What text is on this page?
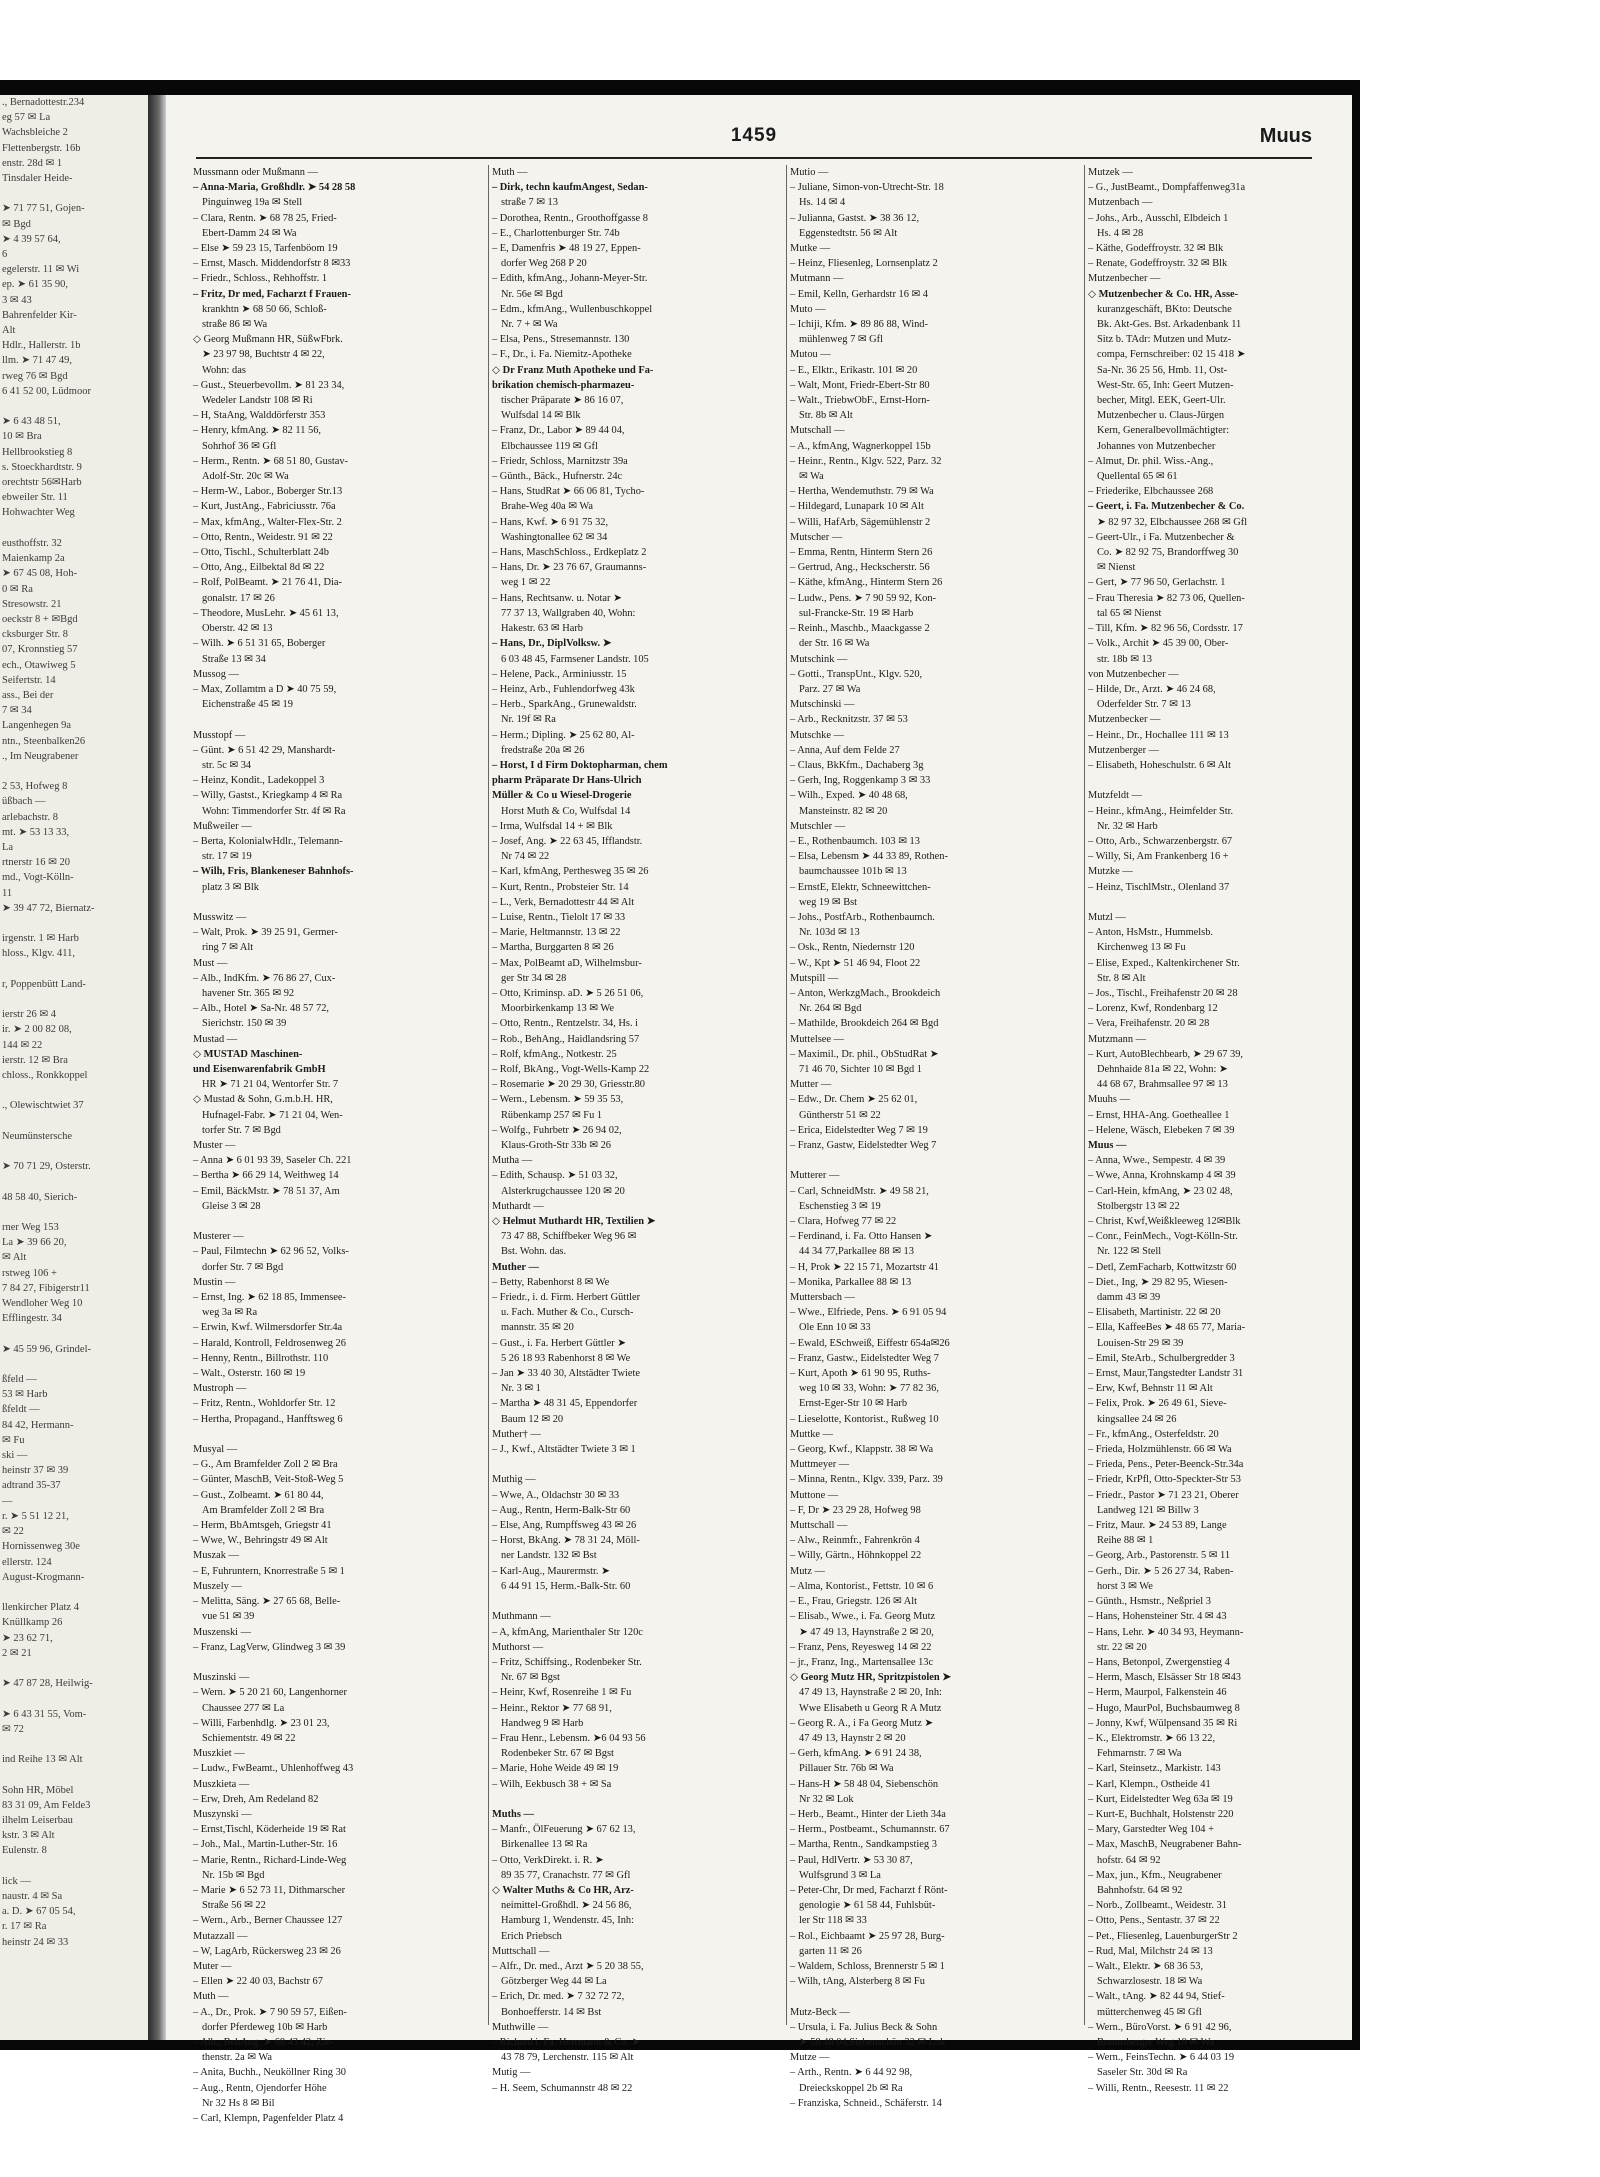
., Bernadottestr.234
eg 57 ✉ La
Wachsbleiche 2
Flettenbergstr. 16b
enstr. 28d ✉ 1
Tinsdaler Heide-

➤ 71 77 51, Gojen-
✉ Bgd
➤ 4 39 57 64,
6
egelerstr. 11 ✉ Wi
ep. ➤ 61 35 90,
3 ✉ 43
Bahrenfelder Kir-
Alt
Hdlr., Hallerstr. 1b
llm. ➤ 71 47 49,
rweg 76 ✉ Bgd
6 41 52 00, Lüdmoor

➤ 6 43 48 51,
10 ✉ Bra
Hellbrookstieg 8
s. Stoeckhardtstr. 9
orechtstr 56✉Harb
ebweiler Str. 11
Hohwachter Weg

eusthoffstr. 32
Maienkamp 2a
➤ 67 45 08, Hoh-
0 ✉ Ra
Stresowstr. 21
oeckstr 8 + ✉Bgd
cksburger Str. 8
07, Kronnstieg 57
ech., Otawiweg 5
Seifertstr. 14
ass., Bei der
7 ✉ 34
Langenhegen 9a
ntn., Steenbalken26
., Im Neugrabener

2 53, Hofweg 8
üßbach —
arlebachstr. 8
mt. ➤ 53 13 33,
La
rtnerstr 16 ✉ 20
md., Vogt-Kölln-
11
➤ 39 47 72, Biernatz-

irgenstr. 1 ✉ Harb
hloss., Klgv. 411,

r, Poppenbütt Land-

ierstr 26 ✉ 4
ir. ➤ 2 00 82 08,
144 ✉ 22
ierstr. 12 ✉ Bra
chloss., Ronkkoppel

., Olewischtwiet 37

Neumünstersche

➤ 70 71 29, Osterstr.

48 58 40, Sierich-

rner Weg 153
La ➤ 39 66 20,
✉ Alt
rstweg 106 +
7 84 27, Fibigerstr11
Wendloher Weg 10
Efflingestr. 34

➤ 45 59 96, Grindel-

ßfeld —
53 ✉ Harb
ßfeldt —
84 42, Hermann-
✉ Fu
ski —
heinstr 37 ✉ 39
adtrand 35-37
—
r. ➤ 5 51 12 21,
✉ 22
Hornissenweg 30e
ellerstr. 124
August-Krogmann-

llenkircher Platz 4
Knüllkamp 26
➤ 23 62 71,
2 ✉ 21

➤ 47 87 28, Heilwig-

➤ 6 43 31 55, Vom-
✉ 72

ind Reihe 13 ✉ Alt

Sohn HR, Möbel
83 31 09, Am Felde3
ilhelm Leiserbau
kstr. 3 ✉ Alt
Eulenstr. 8

lick —
naustr. 4 ✉ Sa
a. D. ➤ 67 05 54,
r. 17 ✉ Ra
heinstr 24 ✉ 33
1459	Muus
Mussmann oder Mußmann —
– Anna-Maria, Großhdlr. ➤ 54 28 58
Pinguinweg 19a ✉ Stell
– Clara, Rentn. ➤ 68 78 25, Fried-
Ebert-Damm 24 ✉ Wa
– Else ➤ 59 23 15, Tarfenböom 19
– Ernst, Masch. Middendorfstr 8 ✉33
– Friedr., Schloss., Rehhoffstr. 1
– Fritz, Dr med, Facharzt f Frauen-
krankhtn ➤ 68 50 66, Schloß-
straße 86 ✉ Wa
◇ Georg Mußmann HR, SüßwFbrk.
➤ 23 97 98, Buchtstr 4 ✉ 22,
Wohn: das
– Gust., Steuerbevollm. ➤ 81 23 34,
Wedeler Landstr 108 ✉ Ri
– H, StaAng, Walddörferstr 353
– Henry, kfmAng. ➤ 82 11 56,
Sohrhof 36 ✉ Gfl
– Herm., Rentn. ➤ 68 51 80, Gustav-
Adolf-Str. 20c ✉ Wa
– Herm-W., Labor., Boberger Str.13
– Kurt, JustAng., Fabriciusstr. 76a
– Max, kfmAng., Walter-Flex-Str. 2
– Otto, Rentn., Weidestr. 91 ✉ 22
– Otto, Tischl., Schulterblatt 24b
– Otto, Ang., Eilbektal 8d ✉ 22
– Rolf, PolBeamt. ➤ 21 76 41, Dia-
gonalstr. 17 ✉ 26
– Theodore, MusLehr. ➤ 45 61 13,
Oberstr. 42 ✉ 13
– Wilh. ➤ 6 51 31 65, Boberger
Straße 13 ✉ 34
Mussog —
– Max, Zollamtm a D ➤ 40 75 59,
Eichenstraße 45 ✉ 19

Musstopf —
– Günt. ➤ 6 51 42 29, Manshardt-
str. 5c ✉ 34
– Heinz, Kondit., Ladekoppel 3
– Willy, Gastst., Kriegkamp 4 ✉ Ra
Wohn: Timmendorfer Str. 4f ✉ Ra
Mußweiler —
– Berta, KolonialwHdlr., Telemann-
str. 17 ✉ 19
– Wilh, Fris, Blankeneser Bahnhofs-
platz 3 ✉ Blk

Musswitz —
– Walt, Prok. ➤ 39 25 91, Germer-
ring 7 ✉ Alt
Must —
– Alb., IndKfm. ➤ 76 86 27, Cux-
havener Str. 365 ✉ 92
– Alb., Hotel ➤ Sa-Nr. 48 57 72,
Sierichstr. 150 ✉ 39
Mustad —
◇ MUSTAD Maschinen-
und Eisenwarenfabrik GmbH
HR ➤ 71 21 04, Wentorfer Str. 7
◇ Mustad & Sohn, G.m.b.H. HR,
Hufnagel-Fabr. ➤ 71 21 04, Wen-
torfer Str. 7 ✉ Bgd
Muster —
– Anna ➤ 6 01 93 39, Saseler Ch. 221
– Bertha ➤ 66 29 14, Weithweg 14
– Emil, BäckMstr. ➤ 78 51 37, Am
Gleise 3 ✉ 28

Musterer —
– Paul, Filmtechn ➤ 62 96 52, Volks-
dorfer Str. 7 ✉ Bgd
Mustin —
– Ernst, Ing. ➤ 62 18 85, Immensee-
weg 3a ✉ Ra
– Erwin, Kwf. Wilmersdorfer Str.4a
– Harald, Kontroll, Feldrosenweg 26
– Henny, Rentn., Billrothstr. 110
– Walt., Osterstr. 160 ✉ 19
Mustroph —
– Fritz, Rentn., Wohldorfer Str. 12
– Hertha, Propagand., Hanfftsweg 6

Musyal —
– G., Am Bramfelder Zoll 2 ✉ Bra
– Günter, MaschB, Veit-Stoß-Weg 5
– Gust., Zolbeamt. ➤ 61 80 44,
Am Bramfelder Zoll 2 ✉ Bra
– Herm, BbAmtsgeh, Griegstr 41
– Wwe, W., Behringstr 49 ✉ Alt
Muszak —
– E, Fuhruntern, Knorrestraße 5 ✉ 1
Muszely —
– Melitta, Säng. ➤ 27 65 68, Belle-
vue 51 ✉ 39
Muszenski —
– Franz, LagVerw, Glindweg 3 ✉ 39

Muszinski —
– Wern. ➤ 5 20 21 60, Langenhorner
Chaussee 277 ✉ La
– Willi, Farbenhdlg. ➤ 23 01 23,
Schiementstr. 49 ✉ 22
Muszkiet —
– Ludw., FwBeamt., Uhlenhoffweg 43
Muszkieta —
– Erw, Dreh, Am Redeland 82
Muszynski —
– Ernst,Tischl, Köderheide 19 ✉ Rat
– Joh., Mal., Martin-Luther-Str. 16
– Marie, Rentn., Richard-Linde-Weg
Nr. 15b ✉ Bgd
– Marie ➤ 6 52 73 11, Dithmarscher
Straße 56 ✉ 22
– Wern., Arb., Berner Chaussee 127
Mutazzall —
– W, LagArb, Rückersweg 23 ✉ 26
Muter —
– Ellen ➤ 22 40 03, Bachstr 67
Muth —
– A., Dr., Prok. ➤ 7 90 59 57, Eißen-
dorfer Pferdeweg 10b ✉ Harb
– Alb., BehAng. ➤ 68 43 42, Zie-
thenstr. 2a ✉ Wa
– Anita, Buchh., Neuköllner Ring 30
– Aug., Rentn, Ojendorfer Höhe
Nr 32 Hs 8 ✉ Bil
– Carl, Klempn, Pagenfelder Platz 4
Muth —
– Dirk, techn kaufmAngest, Sedan-
straße 7 ✉ 13
– Dorothea, Rentn., Groothoffgasse 8
– E., Charlottenburger Str. 74b
– E, Damenfris ➤ 48 19 27, Eppen-
dorfer Weg 268 P 20
– Edith, kfmAng., Johann-Meyer-Str.
Nr. 56e ✉ Bgd
– Edm., kfmAng., Wullenbuschkoppel
Nr. 7 + ✉ Wa
– Elsa, Pens., Stresemannstr. 130
– F., Dr., i. Fa. Niemitz-Apotheke
◇ Dr Franz Muth Apotheke und Fa-
brikation chemisch-pharmazeu-
tischer Präparate ➤ 86 16 07,
Wulfsdal 14 ✉ Blk
– Franz, Dr., Labor ➤ 89 44 04,
Elbchaussee 119 ✉ Gfl
– Friedr, Schloss, Marnitzstr 39a
– Günth., Bäck., Hufnerstr. 24c
– Hans, StudRat ➤ 66 06 81, Tycho-
Brahe-Weg 40a ✉ Wa
– Hans, Kwf. ➤ 6 91 75 32,
Washingtonallee 62 ✉ 34
– Hans, MaschSchloss., Erdkeplatz 2
– Hans, Dr. ➤ 23 76 67, Graumanns-
weg 1 ✉ 22
– Hans, Rechtsanw. u. Notar ➤
77 37 13, Wallgraben 40, Wohn:
Hakestr. 63 ✉ Harb
– Hans, Dr., DiplVolksw. ➤
6 03 48 45, Farmsener Landstr. 105
– Helene, Pack., Arminiusstr. 15
– Heinz, Arb., Fuhlendorfweg 43k
– Herb., SparkAng., Grunewaldstr.
Nr. 19f ✉ Ra
– Herm.; Dipling. ➤ 25 62 80, Al-
fredstraße 20a ✉ 26
– Horst, I d Firm Doktopharman, chem
pharm Präparate Dr Hans-Ulrich
Müller & Co u Wiesel-Drogerie
Horst Muth & Co, Wulfsdal 14
– Irma, Wulfsdal 14 + ✉ Blk
– Josef, Ang. ➤ 22 63 45, Ifflandstr.
Nr 74 ✉ 22
– Karl, kfmAng, Perthesweg 35 ✉ 26
– Kurt, Rentn., Probsteier Str. 14
– L., Verk, Bernadottestr 44 ✉ Alt
– Luise, Rentn., Tielolt 17 ✉ 33
– Marie, Heltmannstr. 13 ✉ 22
– Martha, Burggarten 8 ✉ 26
– Max, PolBeamt aD, Wilhelmsbur-
ger Str 34 ✉ 28
– Otto, Kriminsp. aD. ➤ 5 26 51 06,
Moorbirkenkamp 13 ✉ We
– Otto, Rentn., Rentzelstr. 34, Hs. i
– Rob., BehAng., Haidlandsring 57
– Rolf, kfmAng., Notkestr. 25
– Rolf, BkAng., Vogt-Wells-Kamp 22
– Rosemarie ➤ 20 29 30, Griesstr.80
– Wern., Lebensm. ➤ 59 35 53,
Rübenkamp 257 ✉ Fu 1
– Wolfg., Fuhrbetr ➤ 26 94 02,
Klaus-Groth-Str 33b ✉ 26
Mutha —
– Edith, Schausp. ➤ 51 03 32,
Alsterkrugchaussee 120 ✉ 20
Muthardt —
◇ Helmut Muthardt HR, Textilien ➤
73 47 88, Schiffbeker Weg 96 ✉
Bst. Wohn. das.
Muther —
– Betty, Rabenhorst 8 ✉ We
– Friedr., i. d. Firm. Herbert Güttler
u. Fach. Muther & Co., Cursch-
mannstr. 35 ✉ 20
– Gust., i. Fa. Herbert Güttler ➤
5 26 18 93 Rabenhorst 8 ✉ We
– Jan ➤ 33 40 30, Altstädter Twiete
Nr. 3 ✉ 1
– Martha ➤ 48 31 45, Eppendorfer
Baum 12 ✉ 20
Muther† —
– J., Kwf., Altstädter Twiete 3 ✉ 1

Muthig —
– Wwe, A., Oldachstr 30 ✉ 33
– Aug., Rentn, Herm-Balk-Str 60
– Else, Ang, Rumpffsweg 43 ✉ 26
– Horst, BkAng. ➤ 78 31 24, Möll-
ner Landstr. 132 ✉ Bst
– Karl-Aug., Maurermstr. ➤
6 44 91 15, Herm.-Balk-Str. 60

Muthmann —
– A, kfmAng, Marienthaler Str 120c
Muthorst —
– Fritz, Schiffsing., Rodenbeker Str.
Nr. 67 ✉ Bgst
– Heinr, Kwf, Rosenreihe 1 ✉ Fu
– Heinr., Rektor ➤ 77 68 91,
Handweg 9 ✉ Harb
– Frau Henr., Lebensm. ➤6 04 93 56
Rodenbeker Str. 67 ✉ Bgst
– Marie, Hohe Weide 49 ✉ 19
– Wilh, Eekbusch 38 + ✉ Sa

Muths —
– Manfr., ÖlFeuerung ➤ 67 62 13,
Birkenallee 13 ✉ Ra
– Otto, VerkDirekt. i. R. ➤
89 35 77, Cranachstr. 77 ✉ Gfl
◇ Walter Muths & Co HR, Arz-
neimittel-Großhdl. ➤ 24 56 86,
Hamburg 1, Wendenstr. 45, Inh:
Erich Priebsch
Muttschall —
– Alfr., Dr. med., Arzt ➤ 5 20 38 55,
Götzberger Weg 44 ✉ La
– Erich, Dr. med. ➤ 7 32 72 72,
Bonhoefferstr. 14 ✉ Bst
Muthwille —
– Richard i. Fa. Herrmann & Co. ➤
43 78 79, Lerchenstr. 115 ✉ Alt
Mutig —
– H. Seem, Schumannstr 48 ✉ 22
Mutio —
– Juliane, Simon-von-Utrecht-Str. 18
Hs. 14 ✉ 4
– Julianna, Gastst. ➤ 38 36 12,
Eggenstedtstr. 56 ✉ Alt
Mutke —
– Heinz, Fliesenleg, Lornsenplatz 2
Mutmann —
– Emil, Kelln, Gerhardstr 16 ✉ 4
Muto —
– Ichiji, Kfm. ➤ 89 86 88, Wind-
mühlenweg 7 ✉ Gfl
Mutou —
– E., Elktr., Erikastr. 101 ✉ 20
– Walt, Mont, Friedr-Ebert-Str 80
– Walt., TriebwObF., Ernst-Horn-
Str. 8b ✉ Alt
Mutschall —
– A., kfmAng, Wagnerkoppel 15b
– Heinr., Rentn., Klgv. 522, Parz. 32
✉ Wa
– Hertha, Wendemuthstr. 79 ✉ Wa
– Hildegard, Lunapark 10 ✉ Alt
– Willi, HafArb, Sägemühlenstr 2
Mutscher —
– Emma, Rentn, Hinterm Stern 26
– Gertrud, Ang., Heckscherstr. 56
– Käthe, kfmAng., Hinterm Stern 26
– Ludw., Pens. ➤ 7 90 59 92, Kon-
sul-Francke-Str. 19 ✉ Harb
– Reinh., Maschb., Maackgasse 2
der Str. 16 ✉ Wa
Mutschink —
– Gotti., TranspUnt., Klgv. 520,
Parz. 27 ✉ Wa
Mutschinski —
– Arb., Recknitzstr. 37 ✉ 53
Mutschke —
– Anna, Auf dem Felde 27
– Claus, BkKfm., Dachaberg 3g
– Gerh, Ing, Roggenkamp 3 ✉ 33
– Wilh., Exped. ➤ 40 48 68,
Mansteinstr. 82 ✉ 20
Mutschler —
– E., Rothenbaumch. 103 ✉ 13
– Elsa, Lebensm ➤ 44 33 89, Rothen-
baumchaussee 101b ✉ 13
– ErnstE, Elektr, Schneewittchen-
weg 19 ✉ Bst
– Johs., PostfArb., Rothenbaumch.
Nr. 103d ✉ 13
– Osk., Rentn, Niedernstr 120
– W., Kpt ➤ 51 46 94, Floot 22
Mutspill —
– Anton, WerkzgMach., Brookdeich
Nr. 264 ✉ Bgd
– Mathilde, Brookdeich 264 ✉ Bgd
Muttelsee —
– Maximil., Dr. phil., ObStudRat ➤
71 46 70, Sichter 10 ✉ Bgd 1
Mutter —
– Edw., Dr. Chem ➤ 25 62 01,
Güntherstr 51 ✉ 22
– Erica, Eidelstedter Weg 7 ✉ 19
– Franz, Gastw, Eidelstedter Weg 7

Mutterer —
– Carl, SchneidMstr. ➤ 49 58 21,
Eschenstieg 3 ✉ 19
– Clara, Hofweg 77 ✉ 22
– Ferdinand, i. Fa. Otto Hansen ➤
44 34 77,Parkallee 88 ✉ 13
– H, Prok ➤ 22 15 71, Mozartstr 41
– Monika, Parkallee 88 ✉ 13
Muttersbach —
– Wwe., Elfriede, Pens. ➤ 6 91 05 94
Ole Enn 10 ✉ 33
– Ewald, ESchweiß, Eiffestr 654a✉26
– Franz, Gastw., Eidelstedter Weg 7
– Kurt, Apoth ➤ 61 90 95, Ruths-
weg 10 ✉ 33, Wohn: ➤ 77 82 36,
Ernst-Eger-Str 10 ✉ Harb
– Lieselotte, Kontorist., Rußweg 10
Muttke —
– Georg, Kwf., Klappstr. 38 ✉ Wa
Muttmeyer —
– Minna, Rentn., Klgv. 339, Parz. 39
Muttone —
– F, Dr ➤ 23 29 28, Hofweg 98
Muttschall —
– Alw., Reinmfr., Fahrenkrön 4
– Willy, Gärtn., Höhnkoppel 22
Mutz —
– Alma, Kontorist., Fettstr. 10 ✉ 6
– E., Frau, Griegstr. 126 ✉ Alt
– Elisab., Wwe., i. Fa. Georg Mutz
➤ 47 49 13, Haynstraße 2 ✉ 20,
– Franz, Pens, Reyesweg 14 ✉ 22
– jr., Franz, Ing., Martensallee 13c
◇ Georg Mutz HR, Spritzpistolen ➤
47 49 13, Haynstraße 2 ✉ 20, Inh:
Wwe Elisabeth u Georg R A Mutz
– Georg R. A., i Fa Georg Mutz ➤
47 49 13, Haynstr 2 ✉ 20
– Gerh, kfmAng. ➤ 6 91 24 38,
Pillauer Str. 76b ✉ Wa
– Hans-H ➤ 58 48 04, Siebenschön
Nr 32 ✉ Lok
– Herb., Beamt., Hinter der Lieth 34a
– Herm., Postbeamt., Schumannstr. 67
– Martha, Rentn., Sandkampstieg 3
– Paul, HdlVertr. ➤ 53 30 87,
Wulfsgrund 3 ✉ La
– Peter-Chr, Dr med, Facharzt f Rönt-
genologie ➤ 61 58 44, Fuhlsbüt-
ler Str 118 ✉ 33
– Rol., Eichbaamt ➤ 25 97 28, Burg-
garten 11 ✉ 26
– Waldem, Schloss, Brennerstr 5 ✉ 1
– Wilh, tAng, Alsterberg 8 ✉ Fu

Mutz-Beck —
– Ursula, i. Fa. Julius Beck & Sohn
➤ 58 48 04,Siebenschön 32 ✉ Lok
Mutze —
– Arth., Rentn. ➤ 6 44 92 98,
Dreieckskoppel 2b ✉ Ra
– Franziska, Schneid., Schäferstr. 14
Mutzek —
– G., JustBeamt., Dompfaffenweg31a
Mutzenbach —
– Johs., Arb., Ausschl, Elbdeich 1
Hs. 4 ✉ 28
– Käthe, Godeffroystr. 32 ✉ Blk
– Renate, Godeffroystr. 32 ✉ Blk
Mutzenbecher —
◇ Mutzenbecher & Co. HR, Asse-
kuranzgeschäft, BKto: Deutsche
Bk. Akt-Ges. Bst. Arkadenbank 11
Sitz b. TAdr: Mutzen und Mutz-
compa, Fernschreiber: 02 15 418 ➤
Sa-Nr. 36 25 56, Hmb. 11, Ost-
West-Str. 65, Inh: Geert Mutzen-
becher, Mitgl. EEK, Geert-Ulr.
Mutzenbecher u. Claus-Jürgen
Kern, Generalbevollmächtigter:
Johannes von Mutzenbecher
– Almut, Dr. phil. Wiss.-Ang.,
Quellental 65 ✉ 61
– Friederike, Elbchaussee 268
– Geert, i. Fa. Mutzenbecher & Co.
➤ 82 97 32, Elbchaussee 268 ✉ Gfl
– Geert-Ulr., i Fa. Mutzenbecher &
Co. ➤ 82 92 75, Brandorffweg 30
✉ Nienst
– Gert, ➤ 77 96 50, Gerlachstr. 1
– Frau Theresia ➤ 82 73 06, Quellen-
tal 65 ✉ Nienst
– Till, Kfm. ➤ 82 96 56, Cordsstr. 17
– Volk., Archit ➤ 45 39 00, Ober-
str. 18b ✉ 13
von Mutzenbecher —
– Hilde, Dr., Arzt. ➤ 46 24 68,
Oderfelder Str. 7 ✉ 13
Mutzenbecker —
– Heinr., Dr., Hochallee 111 ✉ 13
Mutzenberger —
– Elisabeth, Hoheschulstr. 6 ✉ Alt

Mutzfeldt —
– Heinr., kfmAng., Heimfelder Str.
Nr. 32 ✉ Harb
– Otto, Arb., Schwarzenbergstr. 67
– Willy, Si, Am Frankenberg 16 +
Mutzke —
– Heinz, TischlMstr., Olenland 37

Mutzl —
– Anton, HsMstr., Hummelsb.
Kirchenweg 13 ✉ Fu
– Elise, Exped., Kaltenkirchener Str.
Str. 8 ✉ Alt
– Jos., Tischl., Freihafenstr 20 ✉ 28
– Lorenz, Kwf, Rondenbarg 12
– Vera, Freihafenstr. 20 ✉ 28
Mutzmann —
– Kurt, AutoBlechbearb, ➤ 29 67 39,
Dehnhaide 81a ✉ 22, Wohn: ➤
44 68 67, Brahmsallee 97 ✉ 13
Muuhs —
– Ernst, HHA-Ang. Goetheallee 1
– Helene, Wäsch, Elebeken 7 ✉ 39
Muus —
– Anna, Wwe., Sempestr. 4 ✉ 39
– Wwe, Anna, Krohnskamp 4 ✉ 39
– Carl-Hein, kfmAng, ➤ 23 02 48,
Stolbergstr 13 ✉ 22
– Christ, Kwf,Weißkleeweg 12✉Blk
– Conr., FeinMech., Vogt-Kölln-Str.
Nr. 122 ✉ Stell
– Detl, ZemFacharb, Kottwitzstr 60
– Diet., Ing, ➤ 29 82 95, Wiesen-
damm 43 ✉ 39
– Elisabeth, Martinistr. 22 ✉ 20
– Ella, KaffeeBes ➤ 48 65 77, Maria-
Louisen-Str 29 ✉ 39
– Emil, SteArb., Schulbergredder 3
– Ernst, Maur,Tangstedter Landstr 31
– Erw, Kwf, Behnstr 11 ✉ Alt
– Felix, Prok. ➤ 26 49 61, Sieve-
kingsallee 24 ✉ 26
– Fr., kfmAng., Osterfeldstr. 20
– Frieda, Holzmühlenstr. 66 ✉ Wa
– Frieda, Pens., Peter-Beenck-Str.34a
– Friedr, KrPfl, Otto-Speckter-Str 53
– Friedr., Pastor ➤ 71 23 21, Oberer
Landweg 121 ✉ Billw 3
– Fritz, Maur. ➤ 24 53 89, Lange
Reihe 88 ✉ 1
– Georg, Arb., Pastorenstr. 5 ✉ 11
– Gerh., Dir. ➤ 5 26 27 34, Raben-
horst 3 ✉ We
– Günth., Hsmstr., Neßpriel 3
– Hans, Hohensteiner Str. 4 ✉ 43
– Hans, Lehr. ➤ 40 34 93, Heymann-
str. 22 ✉ 20
– Hans, Betonpol, Zwergenstieg 4
– Herm, Masch, Elsässer Str 18 ✉43
– Herm, Maurpol, Falkenstein 46
– Hugo, MaurPol, Buchsbaumweg 8
– Jonny, Kwf, Wülpensand 35 ✉ Ri
– K., Elektromstr. ➤ 66 13 22,
Fehmarnstr. 7 ✉ Wa
– Karl, Steinsetz., Markistr. 143
– Karl, Klempn., Ostheide 41
– Kurt, Eidelstedter Weg 63a ✉ 19
– Kurt-E, Buchhalt, Holstenstr 220
– Mary, Garstedter Weg 104 +
– Max, MaschB, Neugrabener Bahn-
hofstr. 64 ✉ 92
– Max, jun., Kfm., Neugrabener
Bahnhofstr. 64 ✉ 92
– Norb., Zollbeamt., Weidestr. 31
– Otto, Pens., Sentastr. 37 ✉ 22
– Pet., Fliesenleg, LauenburgerStr 2
– Rud, Mal, Milchstr 24 ✉ 13
– Walt., Elektr. ➤ 68 36 53,
Schwarzlosestr. 18 ✉ Wa
– Walt., tAng. ➤ 82 44 94, Stief-
mütterchenweg 45 ✉ Gfl
– Wern., BüroVorst. ➤ 6 91 42 96,
Braunsberger Weg 19 ✉ Wa
– Wern., FeinsTechn. ➤ 6 44 03 19
Saseler Str. 30d ✉ Ra
– Willi, Rentn., Reesestr. 11 ✉ 22
